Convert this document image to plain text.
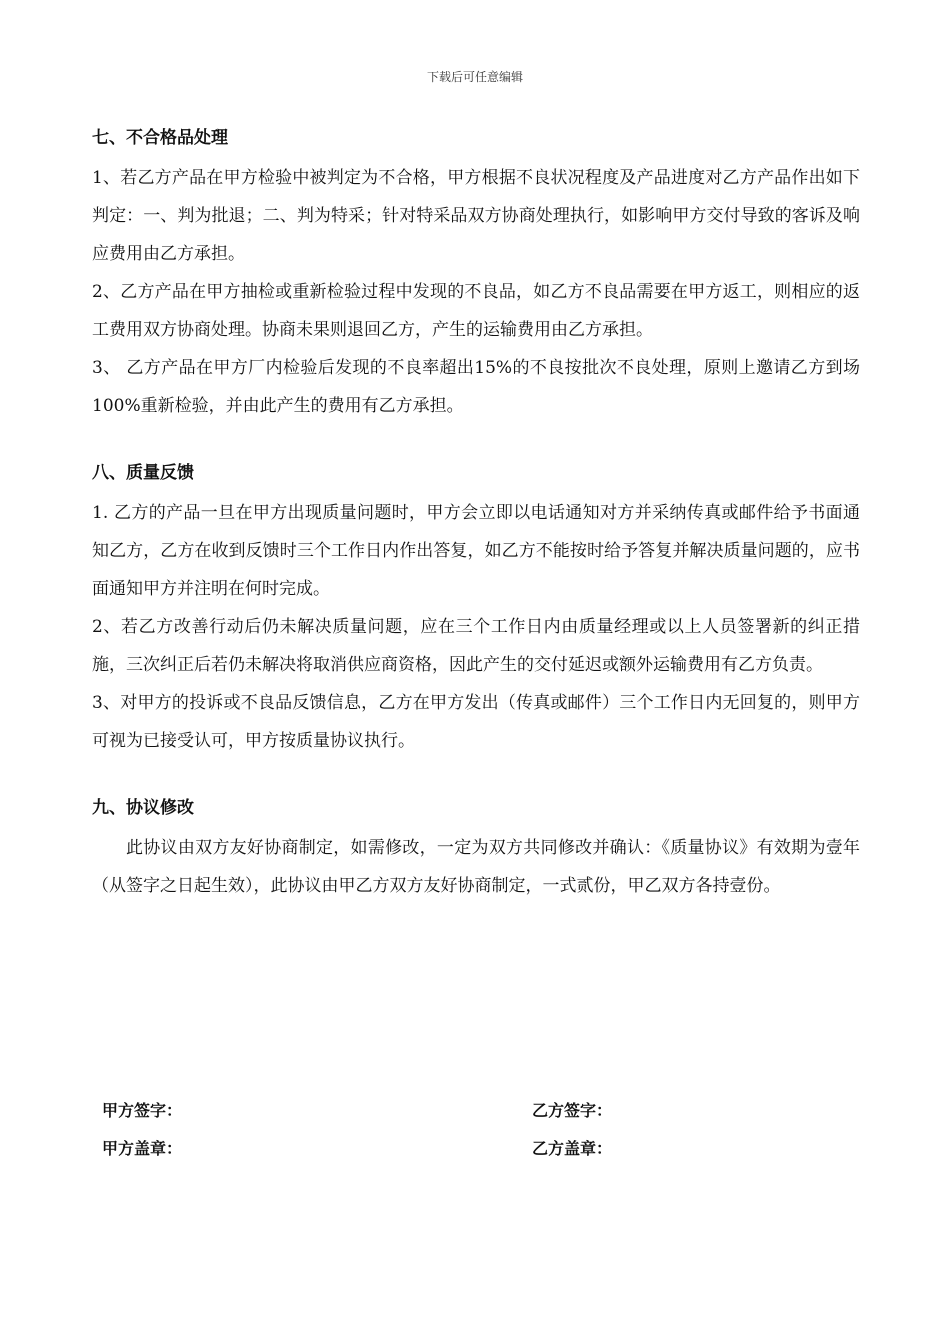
下载后可任意编辑
七、不合格品处理

1、若乙方产品在甲方检验中被判定为不合格，甲方根据不良状况程度及产品进度对乙方产品作出如下判定：一、判为批退；二、判为特采；针对特采品双方协商处理执行，如影响甲方交付导致的客诉及响应费用由乙方承担。

2、乙方产品在甲方抽检或重新检验过程中发现的不良品，如乙方不良品需要在甲方返工，则相应的返工费用双方协商处理。协商未果则退回乙方，产生的运输费用由乙方承担。

3、 乙方产品在甲方厂内检验后发现的不良率超出15%的不良按批次不良处理，原则上邀请乙方到场100%重新检验，并由此产生的费用有乙方承担。

八、质量反馈

1. 乙方的产品一旦在甲方出现质量问题时，甲方会立即以电话通知对方并采纳传真或邮件给予书面通知乙方，乙方在收到反馈时三个工作日内作出答复，如乙方不能按时给予答复并解决质量问题的，应书面通知甲方并注明在何时完成。

2、若乙方改善行动后仍未解决质量问题，应在三个工作日内由质量经理或以上人员签署新的纠正措施，三次纠正后若仍未解决将取消供应商资格，因此产生的交付延迟或额外运输费用有乙方负责。

3、对甲方的投诉或不良品反馈信息，乙方在甲方发出（传真或邮件）三个工作日内无回复的，则甲方可视为已接受认可，甲方按质量协议执行。

九、协议修改

此协议由双方友好协商制定，如需修改，一定为双方共同修改并确认：《质量协议》有效期为壹年（从签字之日起生效），此协议由甲乙方双方友好协商制定，一式贰份，甲乙双方各持壹份。

甲方签字：	乙方签字：
甲方盖章：	乙方盖章：
